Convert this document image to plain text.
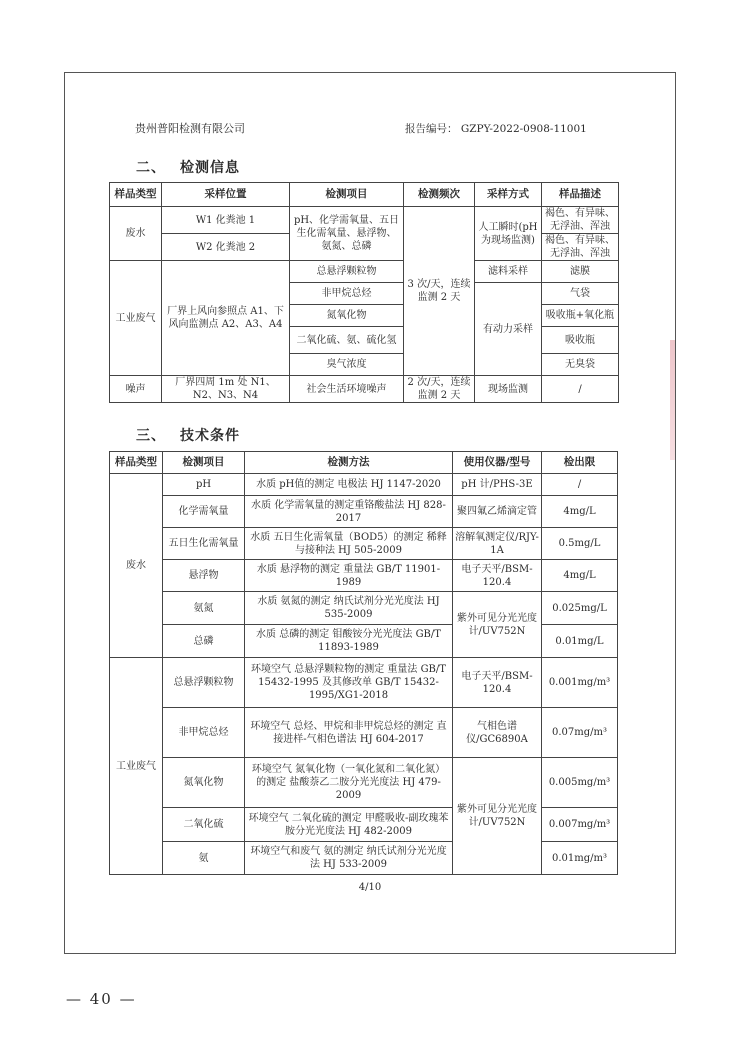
贵州普阳检测有限公司	报告编号： GZPY-2022-0908-11001
二、 检测信息
样品类型	采样位置	检测项目	检测频次	采样方式	样品描述
废水	W1 化粪池 1	pH、化学需氧量、五日生化需氧量、悬浮物、氨氮、总磷	3 次/天，连续监测 2 天	人工瞬时(pH为现场监测)	褐色、有异味、无浮油、浑浊
	W2 化粪池 2				褐色、有异味、无浮油、浑浊
工业废气	厂界上风向参照点 A1、下风向监测点 A2、A3、A4	总悬浮颗粒物		滤料采样	滤膜
		非甲烷总烃		有动力采样	气袋
		氮氧化物			吸收瓶+氧化瓶
		二氧化硫、氨、硫化氢			吸收瓶
		臭气浓度			无臭袋
噪声	厂界四周 1m 处 N1、N2、N3、N4	社会生活环境噪声	2 次/天，连续监测 2 天	现场监测	/
三、 技术条件
样品类型	检测项目	检测方法	使用仪器/型号	检出限
废水	pH	水质 pH值的测定 电极法 HJ 1147-2020	pH 计/PHS-3E	/
	化学需氧量	水质 化学需氧量的测定重铬酸盐法 HJ 828-2017	聚四氟乙烯滴定管	4mg/L
	五日生化需氧量	水质 五日生化需氧量（BOD5）的测定 稀释与接种法 HJ 505-2009	溶解氧测定仪/RJY-1A	0.5mg/L
	悬浮物	水质 悬浮物的测定 重量法 GB/T 11901-1989	电子天平/BSM-120.4	4mg/L
	氨氮	水质 氨氮的测定 纳氏试剂分光光度法 HJ 535-2009	紫外可见分光光度计/UV752N	0.025mg/L
	总磷	水质 总磷的测定 钼酸铵分光光度法 GB/T 11893-1989		0.01mg/L
工业废气	总悬浮颗粒物	环境空气 总悬浮颗粒物的测定 重量法 GB/T 15432-1995 及其修改单 GB/T 15432-1995/XG1-2018	电子天平/BSM-120.4	0.001mg/m³
	非甲烷总烃	环境空气 总烃、甲烷和非甲烷总烃的测定 直接进样-气相色谱法 HJ 604-2017	气相色谱仪/GC6890A	0.07mg/m³
	氮氧化物	环境空气 氮氧化物（一氧化氮和二氧化氮）的测定 盐酸萘乙二胺分光光度法 HJ 479-2009	紫外可见分光光度计/UV752N	0.005mg/m³
	二氧化硫	环境空气 二氧化硫的测定 甲醛吸收-副玫瑰苯胺分光光度法 HJ 482-2009		0.007mg/m³
	氨	环境空气和废气 氨的测定 纳氏试剂分光光度法 HJ 533-2009		0.01mg/m³
4/10
— 40 —
